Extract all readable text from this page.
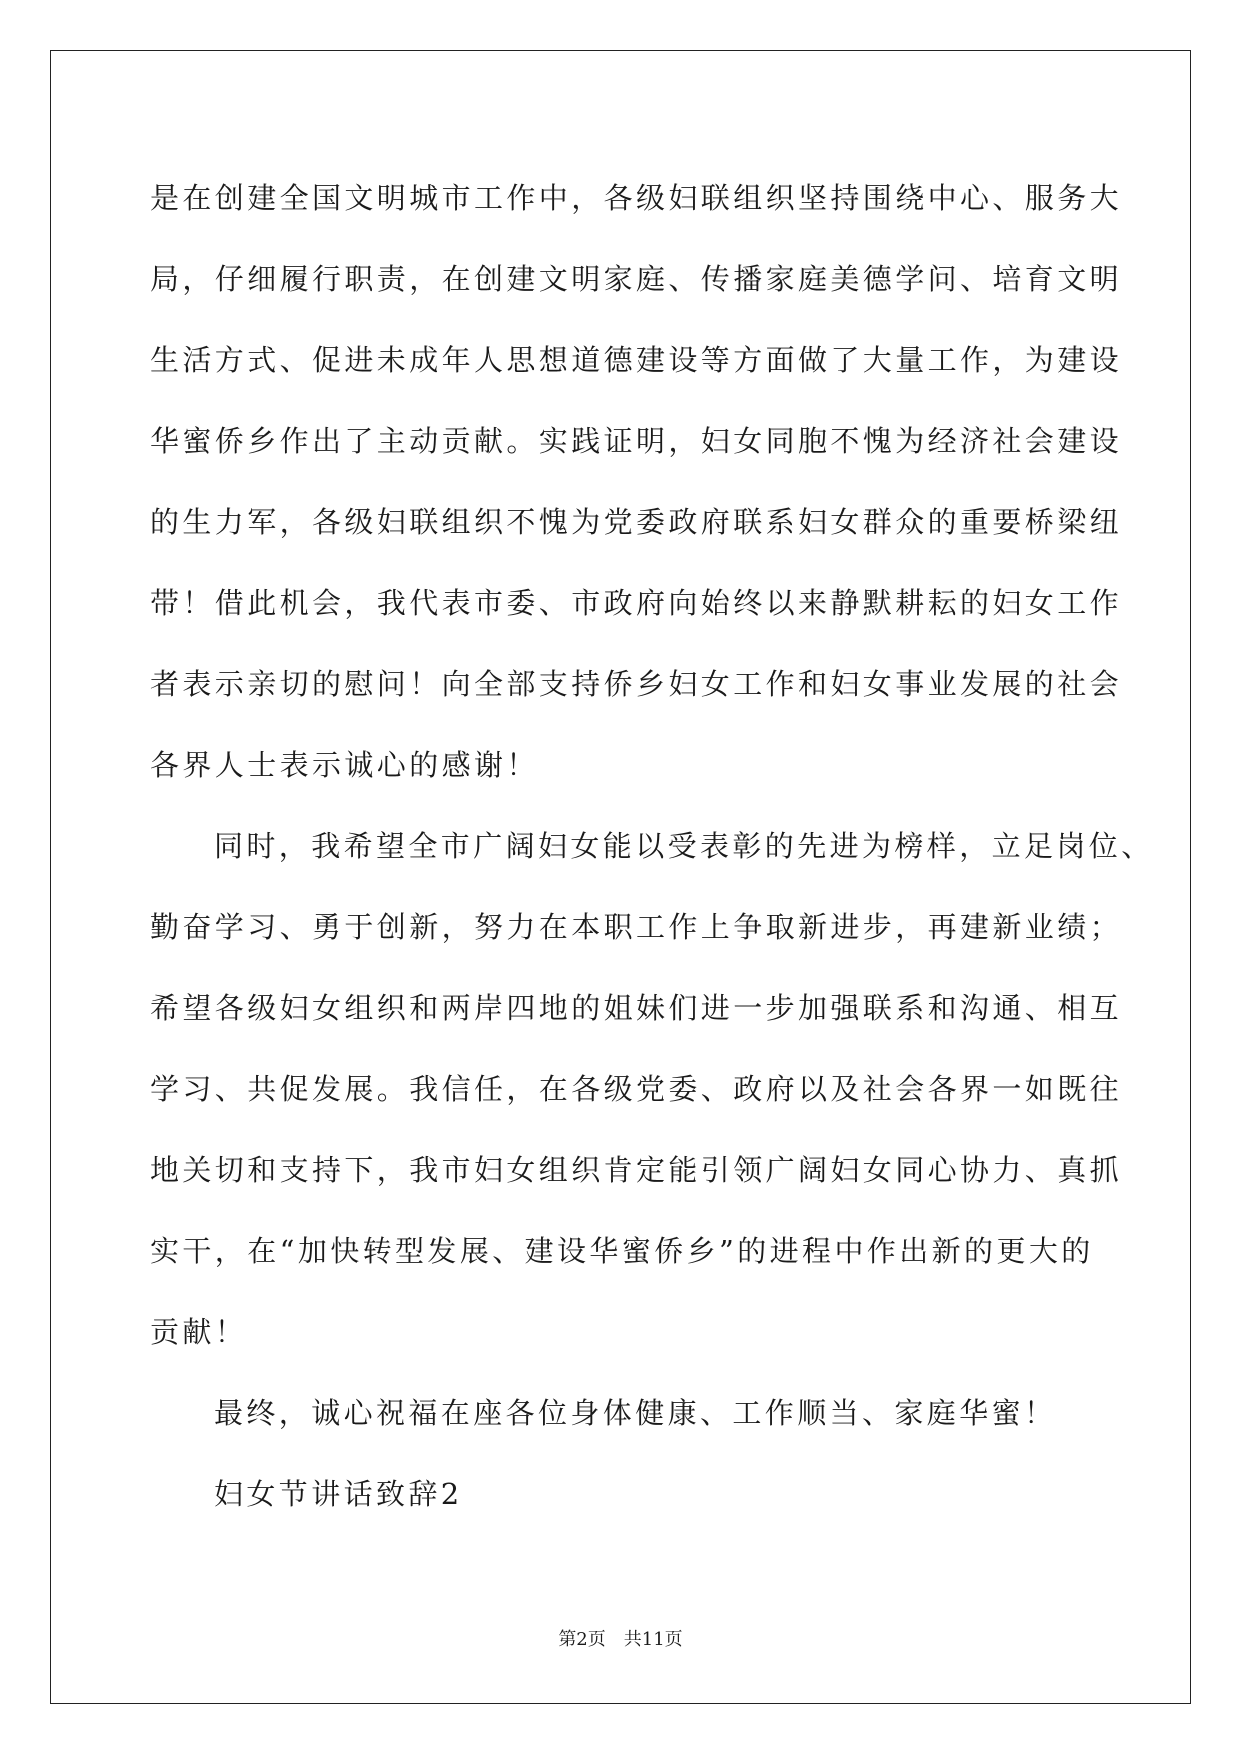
是在创建全国文明城市工作中，各级妇联组织坚持围绕中心、服务大
局，仔细履行职责，在创建文明家庭、传播家庭美德学问、培育文明
生活方式、促进未成年人思想道德建设等方面做了大量工作，为建设
华蜜侨乡作出了主动贡献。实践证明，妇女同胞不愧为经济社会建设
的生力军，各级妇联组织不愧为党委政府联系妇女群众的重要桥梁纽
带！借此机会，我代表市委、市政府向始终以来静默耕耘的妇女工作
者表示亲切的慰问！向全部支持侨乡妇女工作和妇女事业发展的社会
各界人士表示诚心的感谢！
同时，我希望全市广阔妇女能以受表彰的先进为榜样，立足岗位、
勤奋学习、勇于创新，努力在本职工作上争取新进步，再建新业绩；
希望各级妇女组织和两岸四地的姐妹们进一步加强联系和沟通、相互
学习、共促发展。我信任，在各级党委、政府以及社会各界一如既往
地关切和支持下，我市妇女组织肯定能引领广阔妇女同心协力、真抓
实干，在“加快转型发展、建设华蜜侨乡”的进程中作出新的更大的
贡献！
最终，诚心祝福在座各位身体健康、工作顺当、家庭华蜜！
妇女节讲话致辞2
第2页 共11页
